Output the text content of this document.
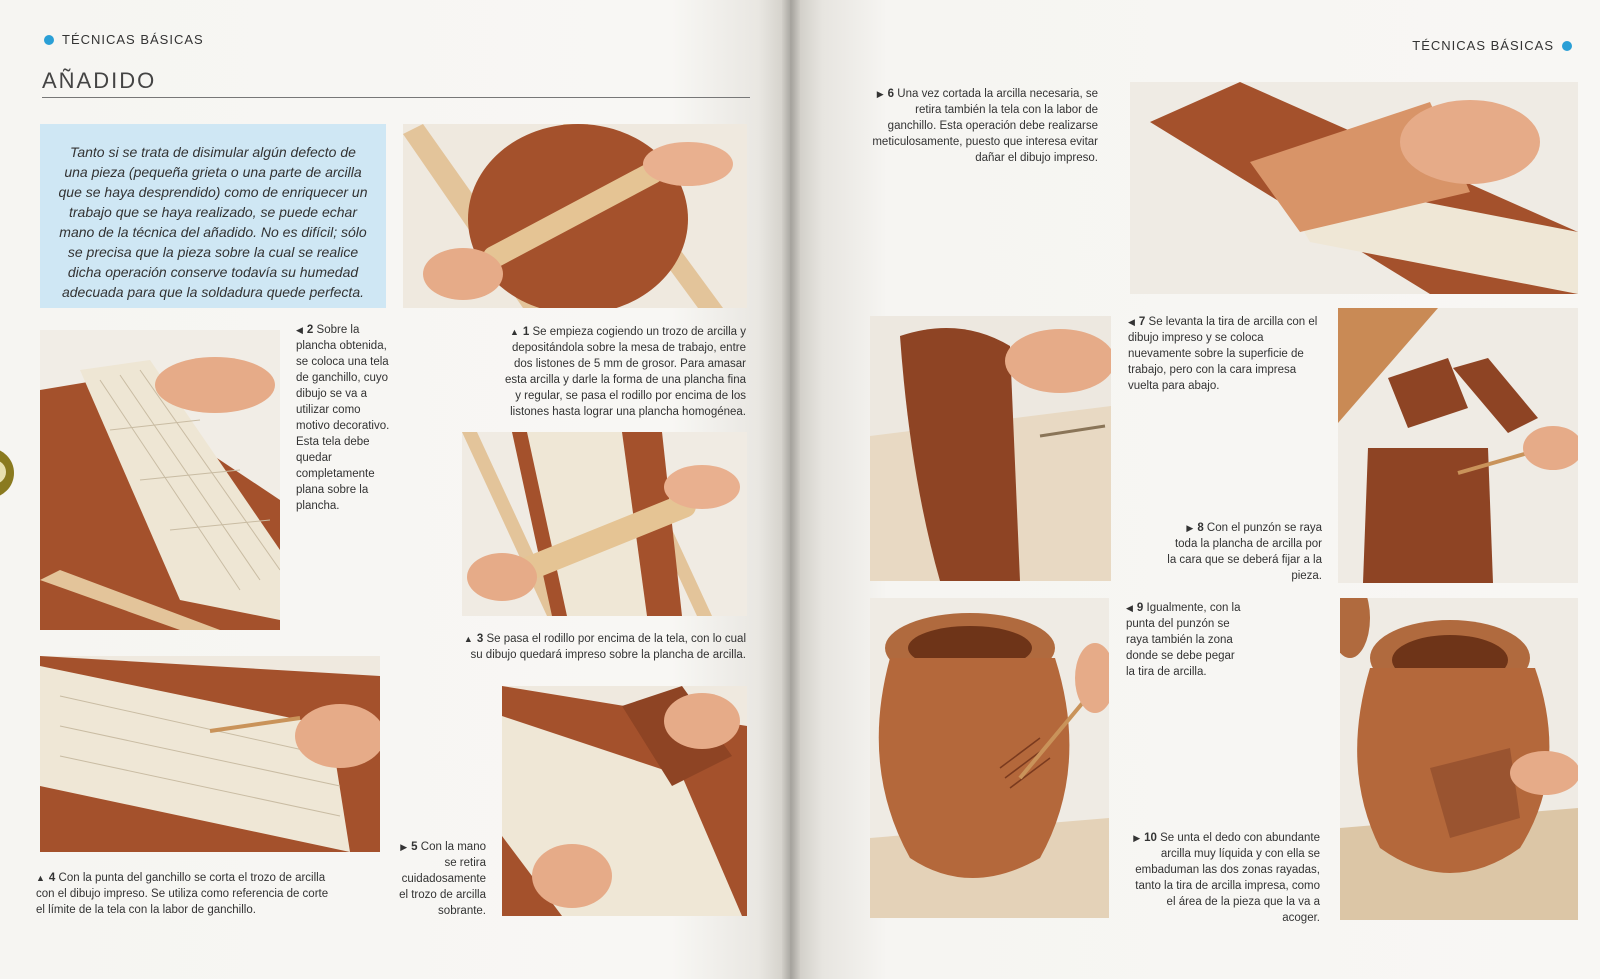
TÉCNICAS BÁSICAS
AÑADIDO
Tanto si se trata de disimular algún defecto de una pieza (pequeña grieta o una parte de arcilla que se haya desprendido) como de enriquecer un trabajo que se haya realizado, se puede echar mano de la técnica del añadido. No es difícil; sólo se precisa que la pieza sobre la cual se realice dicha operación conserve todavía su humedad adecuada para que la soldadura quede perfecta.
▲ 1 Se empieza cogiendo un trozo de arcilla y depositándola sobre la mesa de trabajo, entre dos listones de 5 mm de grosor. Para amasar esta arcilla y darle la forma de una plancha fina y regular, se pasa el rodillo por encima de los listones hasta lograr una plancha homogénea.
◀ 2 Sobre la plancha obtenida, se coloca una tela de ganchillo, cuyo dibujo se va a utilizar como motivo decorativo. Esta tela debe quedar completamente plana sobre la plancha.
▲ 3 Se pasa el rodillo por encima de la tela, con lo cual su dibujo quedará impreso sobre la plancha de arcilla.
▲ 4 Con la punta del ganchillo se corta el trozo de arcilla con el dibujo impreso. Se utiliza como referencia de corte el límite de la tela con la labor de ganchillo.
▶ 5 Con la mano se retira cuidadosamente el trozo de arcilla sobrante.
TÉCNICAS BÁSICAS
▶ 6 Una vez cortada la arcilla necesaria, se retira también la tela con la labor de ganchillo. Esta operación debe realizarse meticulosamente, puesto que interesa evitar dañar el dibujo impreso.
◀ 7 Se levanta la tira de arcilla con el dibujo impreso y se coloca nuevamente sobre la superficie de trabajo, pero con la cara impresa vuelta para abajo.
▶ 8 Con el punzón se raya toda la plancha de arcilla por la cara que se deberá fijar a la pieza.
◀ 9 Igualmente, con la punta del punzón se raya también la zona donde se debe pegar la tira de arcilla.
▶ 10 Se unta el dedo con abundante arcilla muy líquida y con ella se embaduman las dos zonas rayadas, tanto la tira de arcilla impresa, como el área de la pieza que la va a acoger.
